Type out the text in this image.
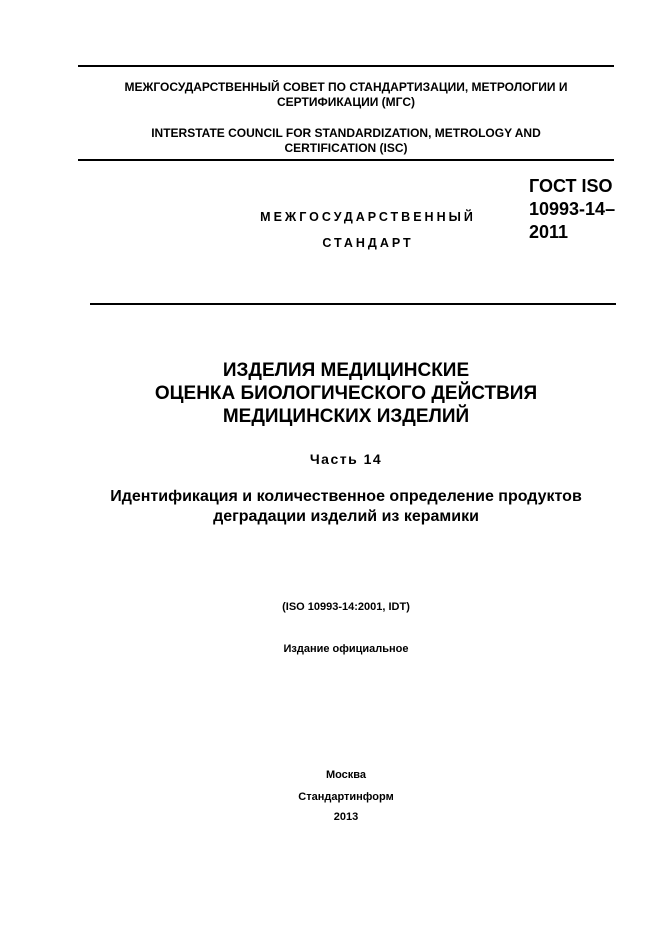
МЕЖГОСУДАРСТВЕННЫЙ СОВЕТ ПО СТАНДАРТИЗАЦИИ, МЕТРОЛОГИИ И
СЕРТИФИКАЦИИ (МГС)
INTERSTATE COUNCIL FOR STANDARDIZATION, METROLOGY AND
CERTIFICATION (ISC)
МЕЖГОСУДАРСТВЕННЫЙ
СТАНДАРТ
ГОСТ ISO
10993-14–
2011
ИЗДЕЛИЯ МЕДИЦИНСКИЕ
ОЦЕНКА БИОЛОГИЧЕСКОГО ДЕЙСТВИЯ
МЕДИЦИНСКИХ ИЗДЕЛИЙ
Часть 14
Идентификация и количественное определение продуктов
деградации изделий из керамики
(ISO 10993-14:2001, IDT)
Издание официальное
Москва
Стандартинформ
2013
